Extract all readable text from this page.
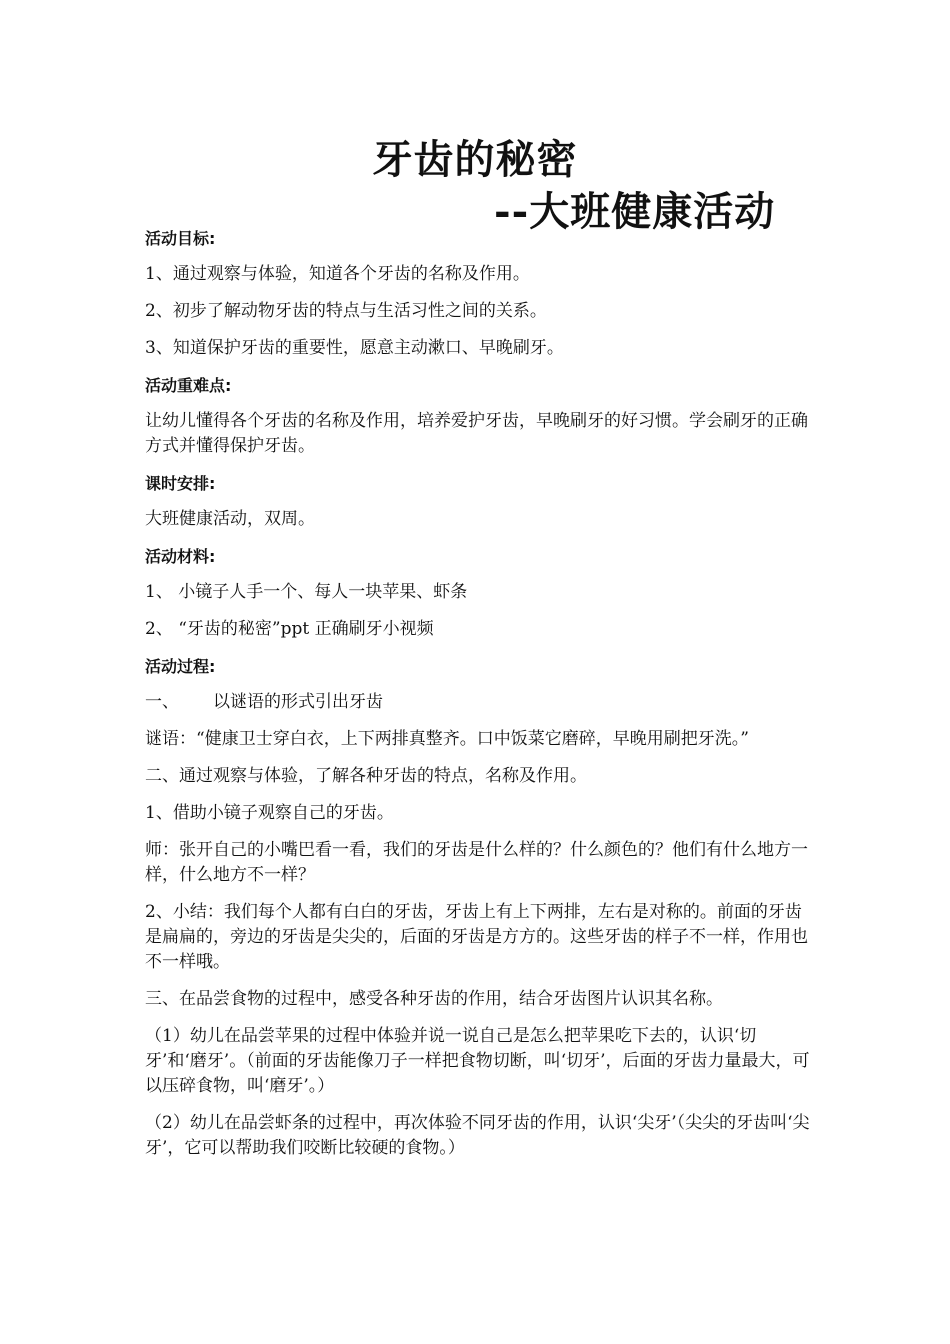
牙齿的秘密
--大班健康活动

活动目标:

1、通过观察与体验，知道各个牙齿的名称及作用。

2、初步了解动物牙齿的特点与生活习性之间的关系。

3、知道保护牙齿的重要性，愿意主动漱口、早晚刷牙。

活动重难点:

让幼儿懂得各个牙齿的名称及作用，培养爱护牙齿，早晚刷牙的好习惯。学会刷牙的正确方式并懂得保护牙齿。

课时安排:

大班健康活动，双周。

活动材料:

1、 小镜子人手一个、每人一块苹果、虾条

2、 “牙齿的秘密”ppt 正确刷牙小视频

活动过程:

一、 以谜语的形式引出牙齿

谜语：“健康卫士穿白衣，上下两排真整齐。口中饭菜它磨碎，早晚用刷把牙洗。”

二、通过观察与体验，了解各种牙齿的特点，名称及作用。

1、借助小镜子观察自己的牙齿。

师：张开自己的小嘴巴看一看，我们的牙齿是什么样的？什么颜色的？他们有什么地方一样，什么地方不一样？

2、小结：我们每个人都有白白的牙齿，牙齿上有上下两排，左右是对称的。前面的牙齿是扁扁的，旁边的牙齿是尖尖的，后面的牙齿是方方的。这些牙齿的样子不一样，作用也不一样哦。

三、在品尝食物的过程中，感受各种牙齿的作用，结合牙齿图片认识其名称。

（1）幼儿在品尝苹果的过程中体验并说一说自己是怎么把苹果吃下去的，认识‘切牙’和‘磨牙’。（前面的牙齿能像刀子一样把食物切断，叫‘切牙’，后面的牙齿力量最大，可以压碎食物，叫‘磨牙’。）

（2）幼儿在品尝虾条的过程中，再次体验不同牙齿的作用，认识‘尖牙’（尖尖的牙齿叫‘尖牙’，它可以帮助我们咬断比较硬的食物。）
